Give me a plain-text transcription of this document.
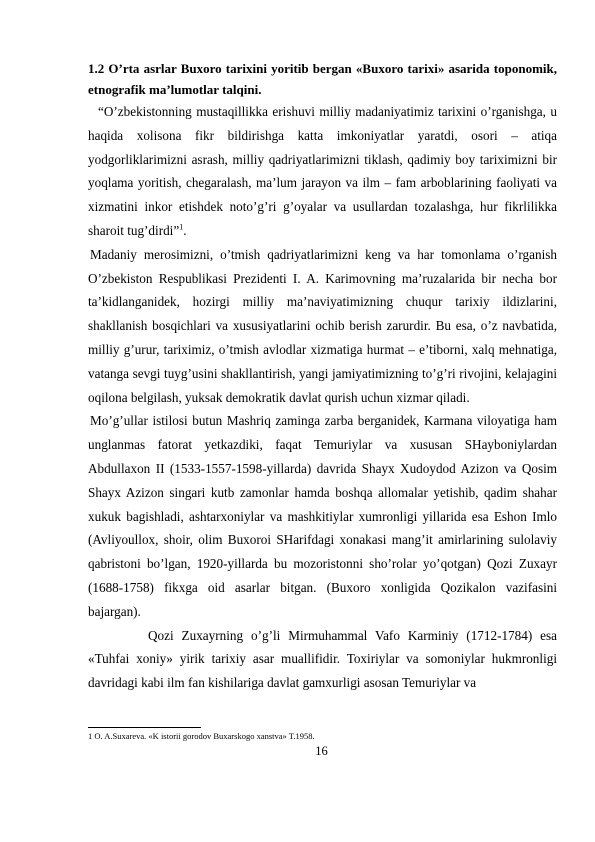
1.2 O’rta asrlar Buxoro tarixini yoritib bergan «Buxoro tarixi» asarida toponomik, etnografik ma’lumotlar talqini.

“O’zbekistonning mustaqillikka erishuvi milliy madaniyatimiz tarixini o’rganishga, u haqida xolisona fikr bildirishga katta imkoniyatlar yaratdi, osori – atiqa yodgorliklarimizni asrash, milliy qadriyatlarimizni tiklash, qadimiy boy tariximizni bir yoqlama yoritish, chegaralash, ma’lum jarayon va ilm – fam arboblarining faoliyati va xizmatini inkor etishdek noto’g’ri g’oyalar va usullardan tozalashga, hur fikrlilikka sharoit tug’dirdi”$^1$.

Madaniy merosimizni, o’tmish qadriyatlarimizni keng va har tomonlama o’rganish O’zbekiston Respublikasi Prezidenti I. A. Karimovning ma’ruzalarida bir necha bor ta’kidlanganidek, hozirgi milliy ma’naviyatimizning chuqur tarixiy ildizlarini, shakllanish bosqichlari va xususiyatlarini ochib berish zarurdir. Bu esa, o’z navbatida, milliy g’urur, tariximiz, o’tmish avlodlar xizmatiga hurmat – e’tiborni, xalq mehnatiga, vatanga sevgi tuyg’usini shakllantirish, yangi jamiyatimizning to’g’ri rivojini, kelajagini oqilona belgilash, yuksak demokratik davlat qurish uchun xizmar qiladi.

Mo’g’ullar istilosi butun Mashriq zaminga zarba berganidek, Karmana viloyatiga ham unglanmas fatorat yetkazdiki, faqat Temuriylar va xususan SHayboniylardan Abdullaxon II (1533-1557-1598-yillarda) davrida Shayx Xudoydod Azizon va Qosim Shayx Azizon singari kutb zamonlar hamda boshqa allomalar yetishib, qadim shahar xukuk bagishladi, ashtarxoniylar va mashkitiylar xumronligi yillarida esa Eshon Imlo (Avliyoullox, shoir, olim Buxoroi SHarifdagi xonakasi mang’it amirlarining sulolaviy qabristoni bo’lgan, 1920-yillarda bu mozoristonni sho’rolar yo’qotgan) Qozi Zuxayr (1688-1758) fikxga oid asarlar bitgan. (Buxoro xonligida Qozikalon vazifasini bajargan).

Qozi Zuxayrning o’g’li Mirmuhammal Vafo Karminiy (1712-1784) esa «Tuhfai xoniy» yirik tarixiy asar muallifidir. Toxiriylar va somoniylar hukmronligi davridagi kabi ilm fan kishilariga davlat gamxurligi asosan Temuriylar va

1 O. A.Suxareva. «K istorii gorodov Buxarskogo xanstva» T.1958.
16
